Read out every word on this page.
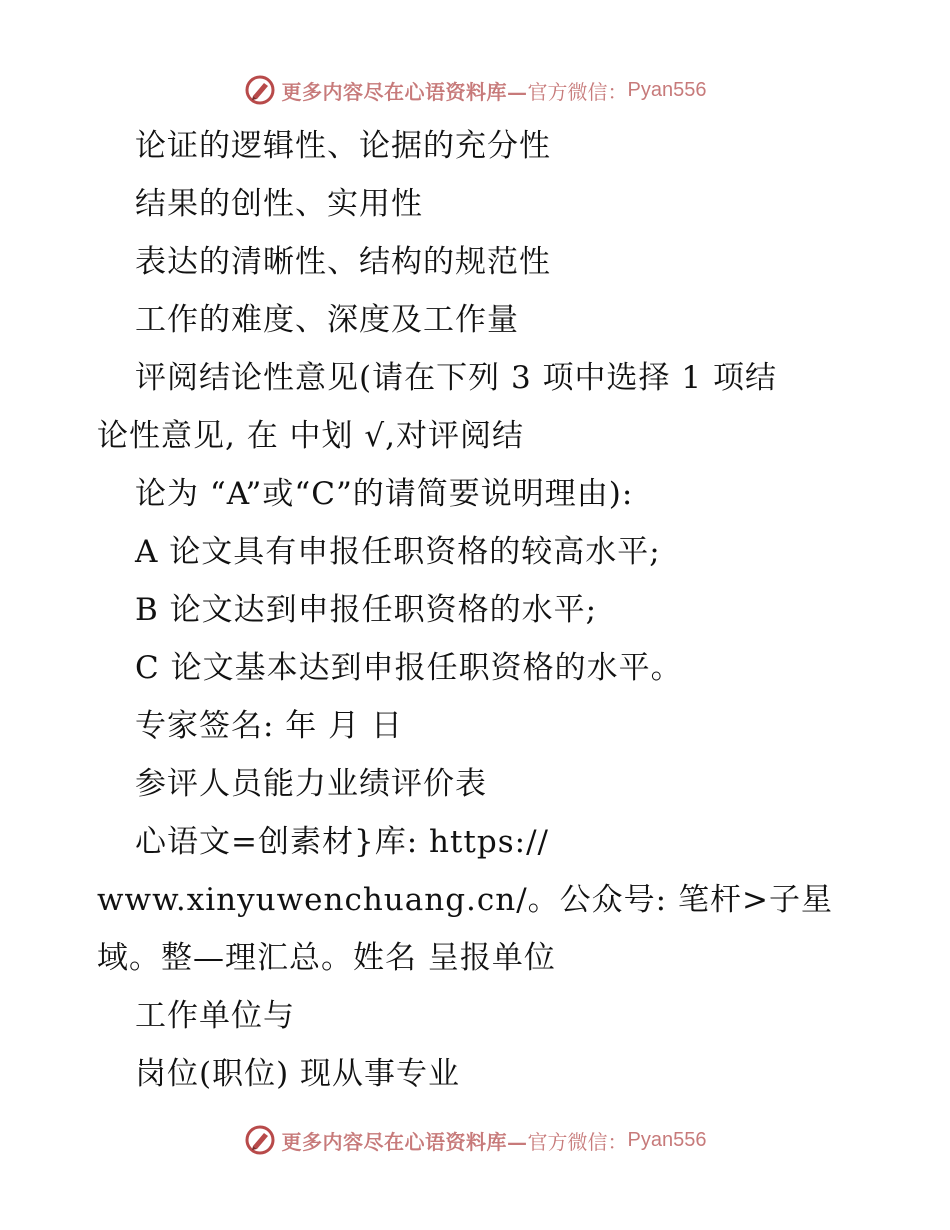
更多内容尽在心语资料库— 官方微信： Pyan556
论证的逻辑性、论据的充分性
结果的创性、实用性
表达的清晰性、结构的规范性
工作的难度、深度及工作量
评阅结论性意见(请在下列 3 项中选择 1 项结
论性意见, 在 中划 √,对评阅结
论为 “A”或“C”的请简要说明理由):
A 论文具有申报任职资格的较高水平;
B 论文达到申报任职资格的水平;
C 论文基本达到申报任职资格的水平。
专家签名: 年 月 日
参评人员能力业绩评价表
心语文=创素材}库: https://
www.xinyuwenchuang.cn/。公众号: 笔杆>子星
域。整—理汇总。姓名 呈报单位
工作单位与
岗位(职位) 现从事专业
更多内容尽在心语资料库— 官方微信： Pyan556
